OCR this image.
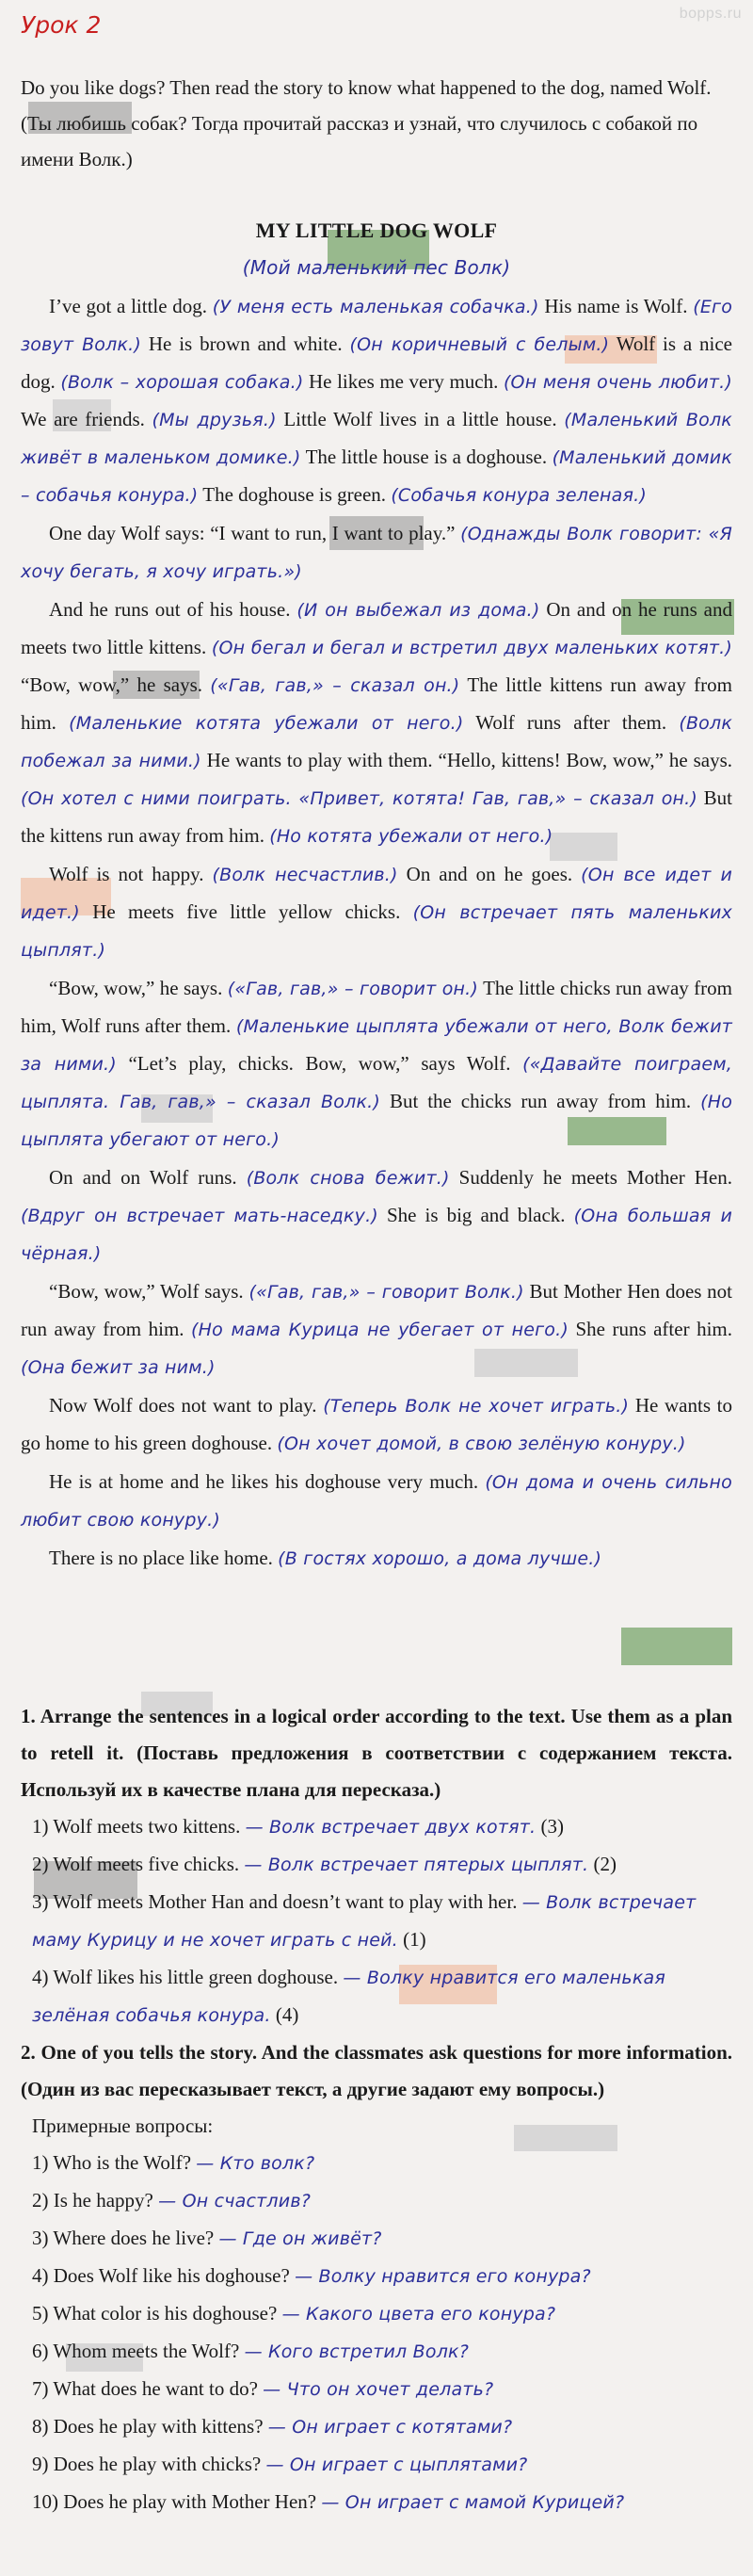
Урок 2	bopps.ru
Do you like dogs? Then read the story to know what happened to the dog, named Wolf. (Ты любишь собак? Тогда прочитай рассказ и узнай, что случилось с собакой по имени Волк.)
MY LITTLE DOG WOLF
(Мой маленький пес Волк)

I’ve got a little dog. (У меня есть маленькая собачка.) His name is Wolf. (Его зовут Волк.) He is brown and white. (Он коричневый с белым.) Wolf is a nice dog. (Волк – хорошая собака.) He likes me very much. (Он меня очень любит.) We are friends. (Мы друзья.) Little Wolf lives in a little house. (Маленький Волк живёт в маленьком домике.) The little house is a doghouse. (Маленький домик – собачья конура.) The doghouse is green. (Собачья конура зеленая.)

One day Wolf says: “I want to run, I want to play.” (Однажды Волк говорит: «Я хочу бегать, я хочу играть.»)

And he runs out of his house. (И он выбежал из дома.) On and on he runs and meets two little kittens. (Он бегал и бегал и встретил двух маленьких котят.) “Bow, wow,” he says. («Гав, гав,» – сказал он.) The little kittens run away from him. (Маленькие котята убежали от него.) Wolf runs after them. (Волк побежал за ними.) He wants to play with them. “Hello, kittens! Bow, wow,” he says. (Он хотел с ними поиграть. «Привет, котята! Гав, гав,» – сказал он.) But the kittens run away from him. (Но котята убежали от него.)

Wolf is not happy. (Волк несчастлив.) On and on he goes. (Он все идет и идет.) He meets five little yellow chicks. (Он встречает пять маленьких цыплят.)

“Bow, wow,” he says. («Гав, гав,» – говорит он.) The little chicks run away from him, Wolf runs after them. (Маленькие цыплята убежали от него, Волк бежит за ними.) “Let’s play, chicks. Bow, wow,” says Wolf. («Давайте поиграем, цыплята. Гав, гав,» – сказал Волк.) But the chicks run away from him. (Но цыплята убегают от него.)

On and on Wolf runs. (Волк снова бежит.) Suddenly he meets Mother Hen. (Вдруг он встречает мать-наседку.) She is big and black. (Она большая и чёрная.)

“Bow, wow,” Wolf says. («Гав, гав,» – говорит Волк.) But Mother Hen does not run away from him. (Но мама Курица не убегает от него.) She runs after him. (Она бежит за ним.)

Now Wolf does not want to play. (Теперь Волк не хочет играть.) He wants to go home to his green doghouse. (Он хочет домой, в свою зелёную конуру.)

He is at home and he likes his doghouse very much. (Он дома и очень сильно любит свою конуру.)

There is no place like home. (В гостях хорошо, а дома лучше.)

1. Arrange the sentences in a logical order according to the text. Use them as a plan to retell it. (Поставь предложения в соответствии с содержанием текста. Используй их в качестве плана для пересказа.)

1) Wolf meets two kittens. — Волк встречает двух котят. (3)
2) Wolf meets five chicks. — Волк встречает пятерых цыплят. (2)
3) Wolf meets Mother Han and doesn’t want to play with her. — Волк встречает маму Курицу и не хочет играть с ней. (1)
4) Wolf likes his little green doghouse. — Волку нравится его маленькая зелёная собачья конура. (4)

2. One of you tells the story. And the classmates ask questions for more information. (Один из вас пересказывает текст, а другие задают ему вопросы.)

Примерные вопросы:

1) Who is the Wolf? — Кто волк?
2) Is he happy? — Он счастлив?
3) Where does he live? — Где он живёт?
4) Does Wolf like his doghouse? — Волку нравится его конура?
5) What color is his doghouse? — Какого цвета его конура?
6) Whom meets the Wolf? — Кого встретил Волк?
7) What does he want to do? — Что он хочет делать?
8) Does he play with kittens? — Он играет с котятами?
9) Does he play with chicks? — Он играет с цыплятами?
10) Does he play with Mother Hen? — Он играет с мамой Курицей?
